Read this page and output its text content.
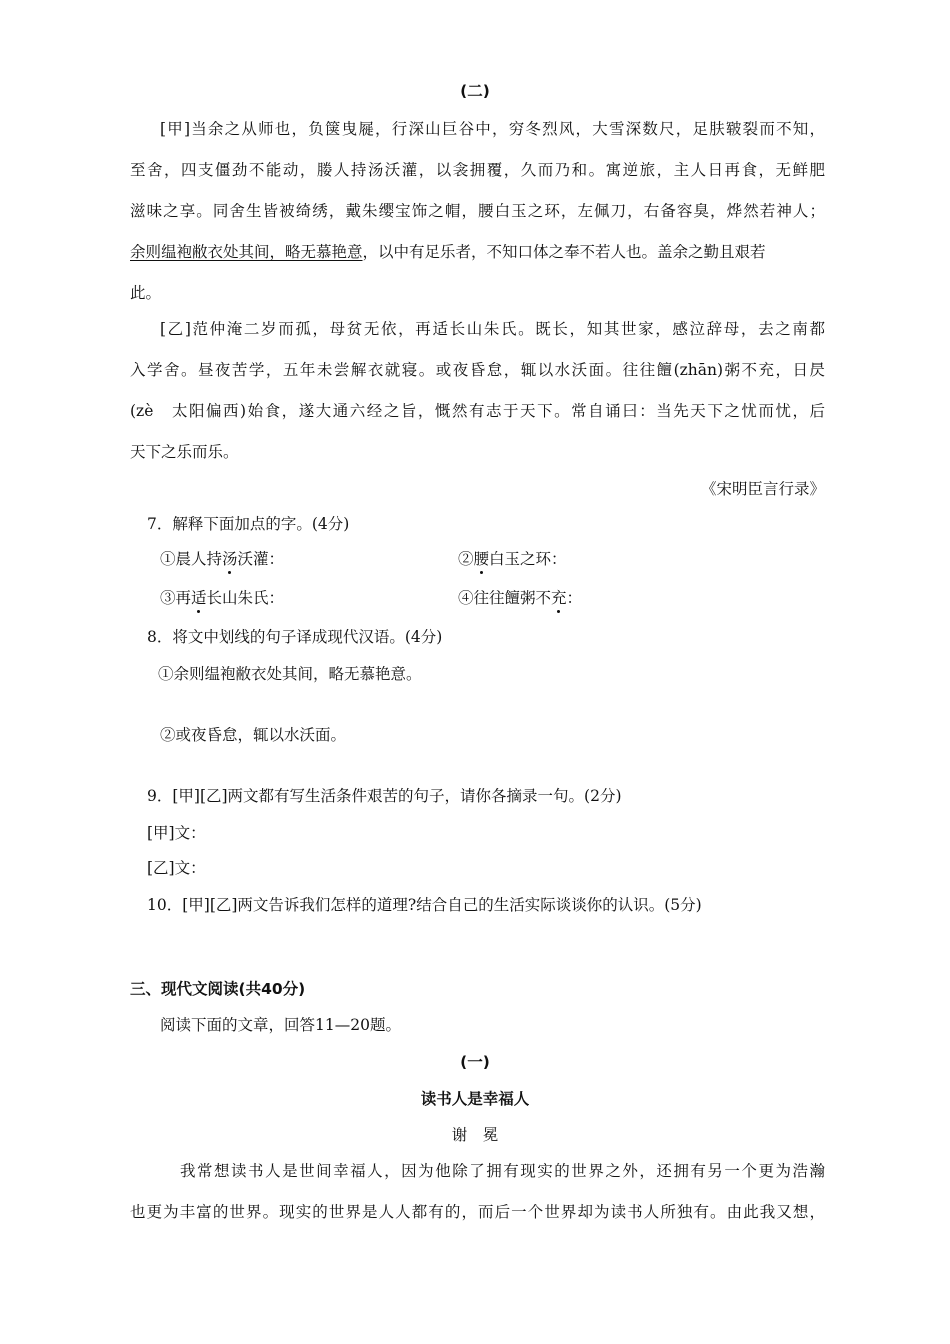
(二)
[甲]当余之从师也，负箧曳屣，行深山巨谷中，穷冬烈风，大雪深数尺，足肤皲裂而不知，
至舍，四支僵劲不能动，媵人持汤沃灌，以衾拥覆，久而乃和。寓逆旅，主人日再食，无鲜肥
滋味之享。同舍生皆被绮绣，戴朱缨宝饰之帽，腰白玉之环，左佩刀，右备容臭，烨然若神人；
余则缊袍敝衣处其间，略无慕艳意，以中有足乐者，不知口体之奉不若人也。盖余之勤且艰若
此。
[乙]范仲淹二岁而孤，母贫无依，再适长山朱氏。既长，知其世家，感泣辞母，去之南都
入学舍。昼夜苦学，五年未尝解衣就寝。或夜昏怠，辄以水沃面。往往饘(zhān)粥不充，日昃
(zè　太阳偏西)始食，遂大通六经之旨，慨然有志于天下。常自诵曰：当先天下之忧而忧，后
天下之乐而乐。
《宋明臣言行录》
7．解释下面加点的字。(4分)
①晨人持汤沃灌：	②腰白玉之环：
③再适长山朱氏：	④往往饘粥不充：
8．将文中划线的句子译成现代汉语。(4分)
①余则缊袍敝衣处其间，略无慕艳意。
②或夜昏怠，辄以水沃面。
9．[甲][乙]两文都有写生活条件艰苦的句子，请你各摘录一句。(2分)
[甲]文：
[乙]文：
10．[甲][乙]两文告诉我们怎样的道理?结合自己的生活实际谈谈你的认识。(5分)
三、现代文阅读(共40分)
阅读下面的文章，回答11—20题。
(一)
读书人是幸福人
谢　冕
我常想读书人是世间幸福人，因为他除了拥有现实的世界之外，还拥有另一个更为浩瀚
也更为丰富的世界。现实的世界是人人都有的，而后一个世界却为读书人所独有。由此我又想，
